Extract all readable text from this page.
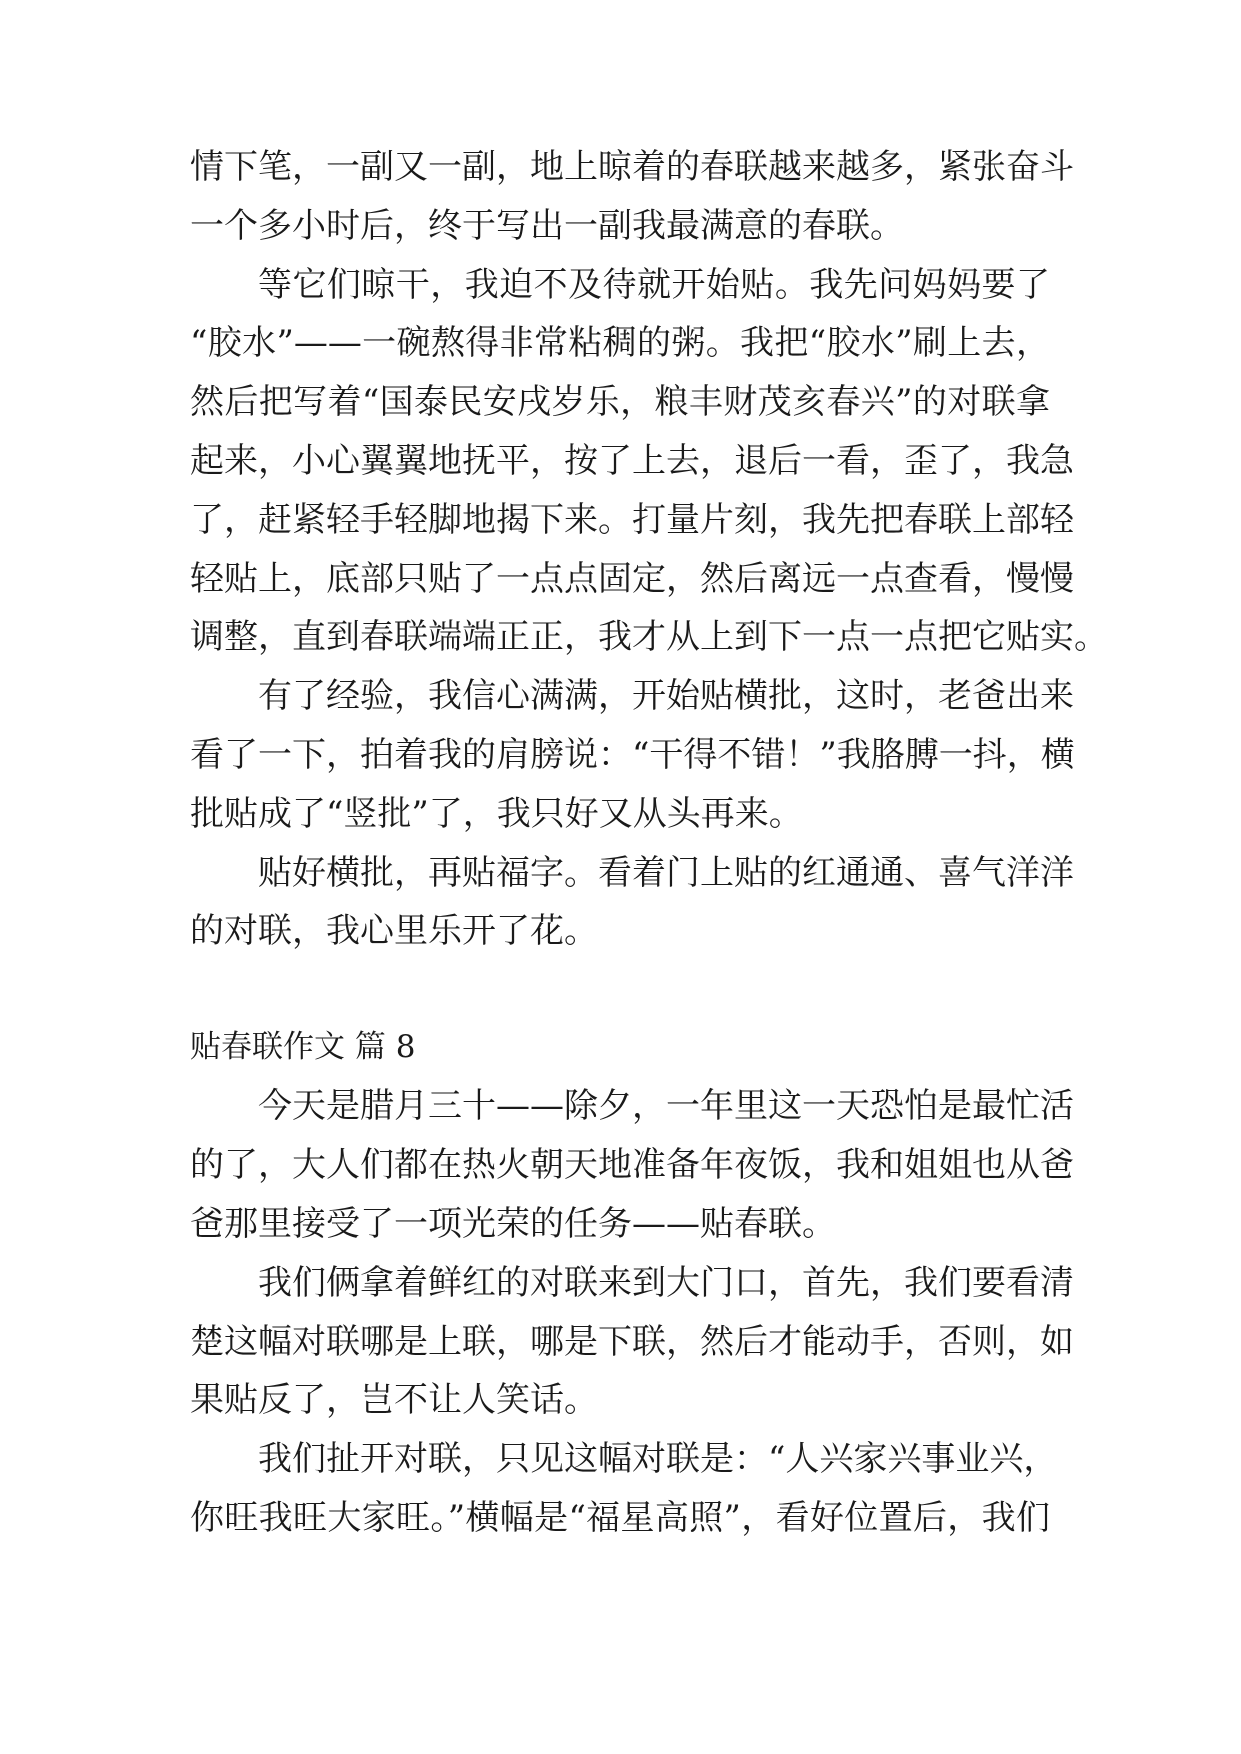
情下笔，一副又一副，地上晾着的春联越来越多，紧张奋斗
一个多小时后，终于写出一副我最满意的春联。
等它们晾干，我迫不及待就开始贴。我先问妈妈要了
“胶水”——一碗熬得非常粘稠的粥。我把“胶水”刷上去，
然后把写着“国泰民安戌岁乐，粮丰财茂亥春兴”的对联拿
起来，小心翼翼地抚平，按了上去，退后一看，歪了，我急
了，赶紧轻手轻脚地揭下来。打量片刻，我先把春联上部轻
轻贴上，底部只贴了一点点固定，然后离远一点查看，慢慢
调整，直到春联端端正正，我才从上到下一点一点把它贴实。
有了经验，我信心满满，开始贴横批，这时，老爸出来
看了一下，拍着我的肩膀说：“干得不错！”我胳膊一抖，横
批贴成了“竖批”了，我只好又从头再来。
贴好横批，再贴福字。看着门上贴的红通通、喜气洋洋
的对联，我心里乐开了花。
贴春联作文 篇 8
今天是腊月三十——除夕，一年里这一天恐怕是最忙活
的了，大人们都在热火朝天地准备年夜饭，我和姐姐也从爸
爸那里接受了一项光荣的任务——贴春联。
我们俩拿着鲜红的对联来到大门口，首先，我们要看清
楚这幅对联哪是上联，哪是下联，然后才能动手，否则，如
果贴反了，岂不让人笑话。
我们扯开对联，只见这幅对联是：“人兴家兴事业兴，
你旺我旺大家旺。”横幅是“福星高照”，看好位置后，我们
